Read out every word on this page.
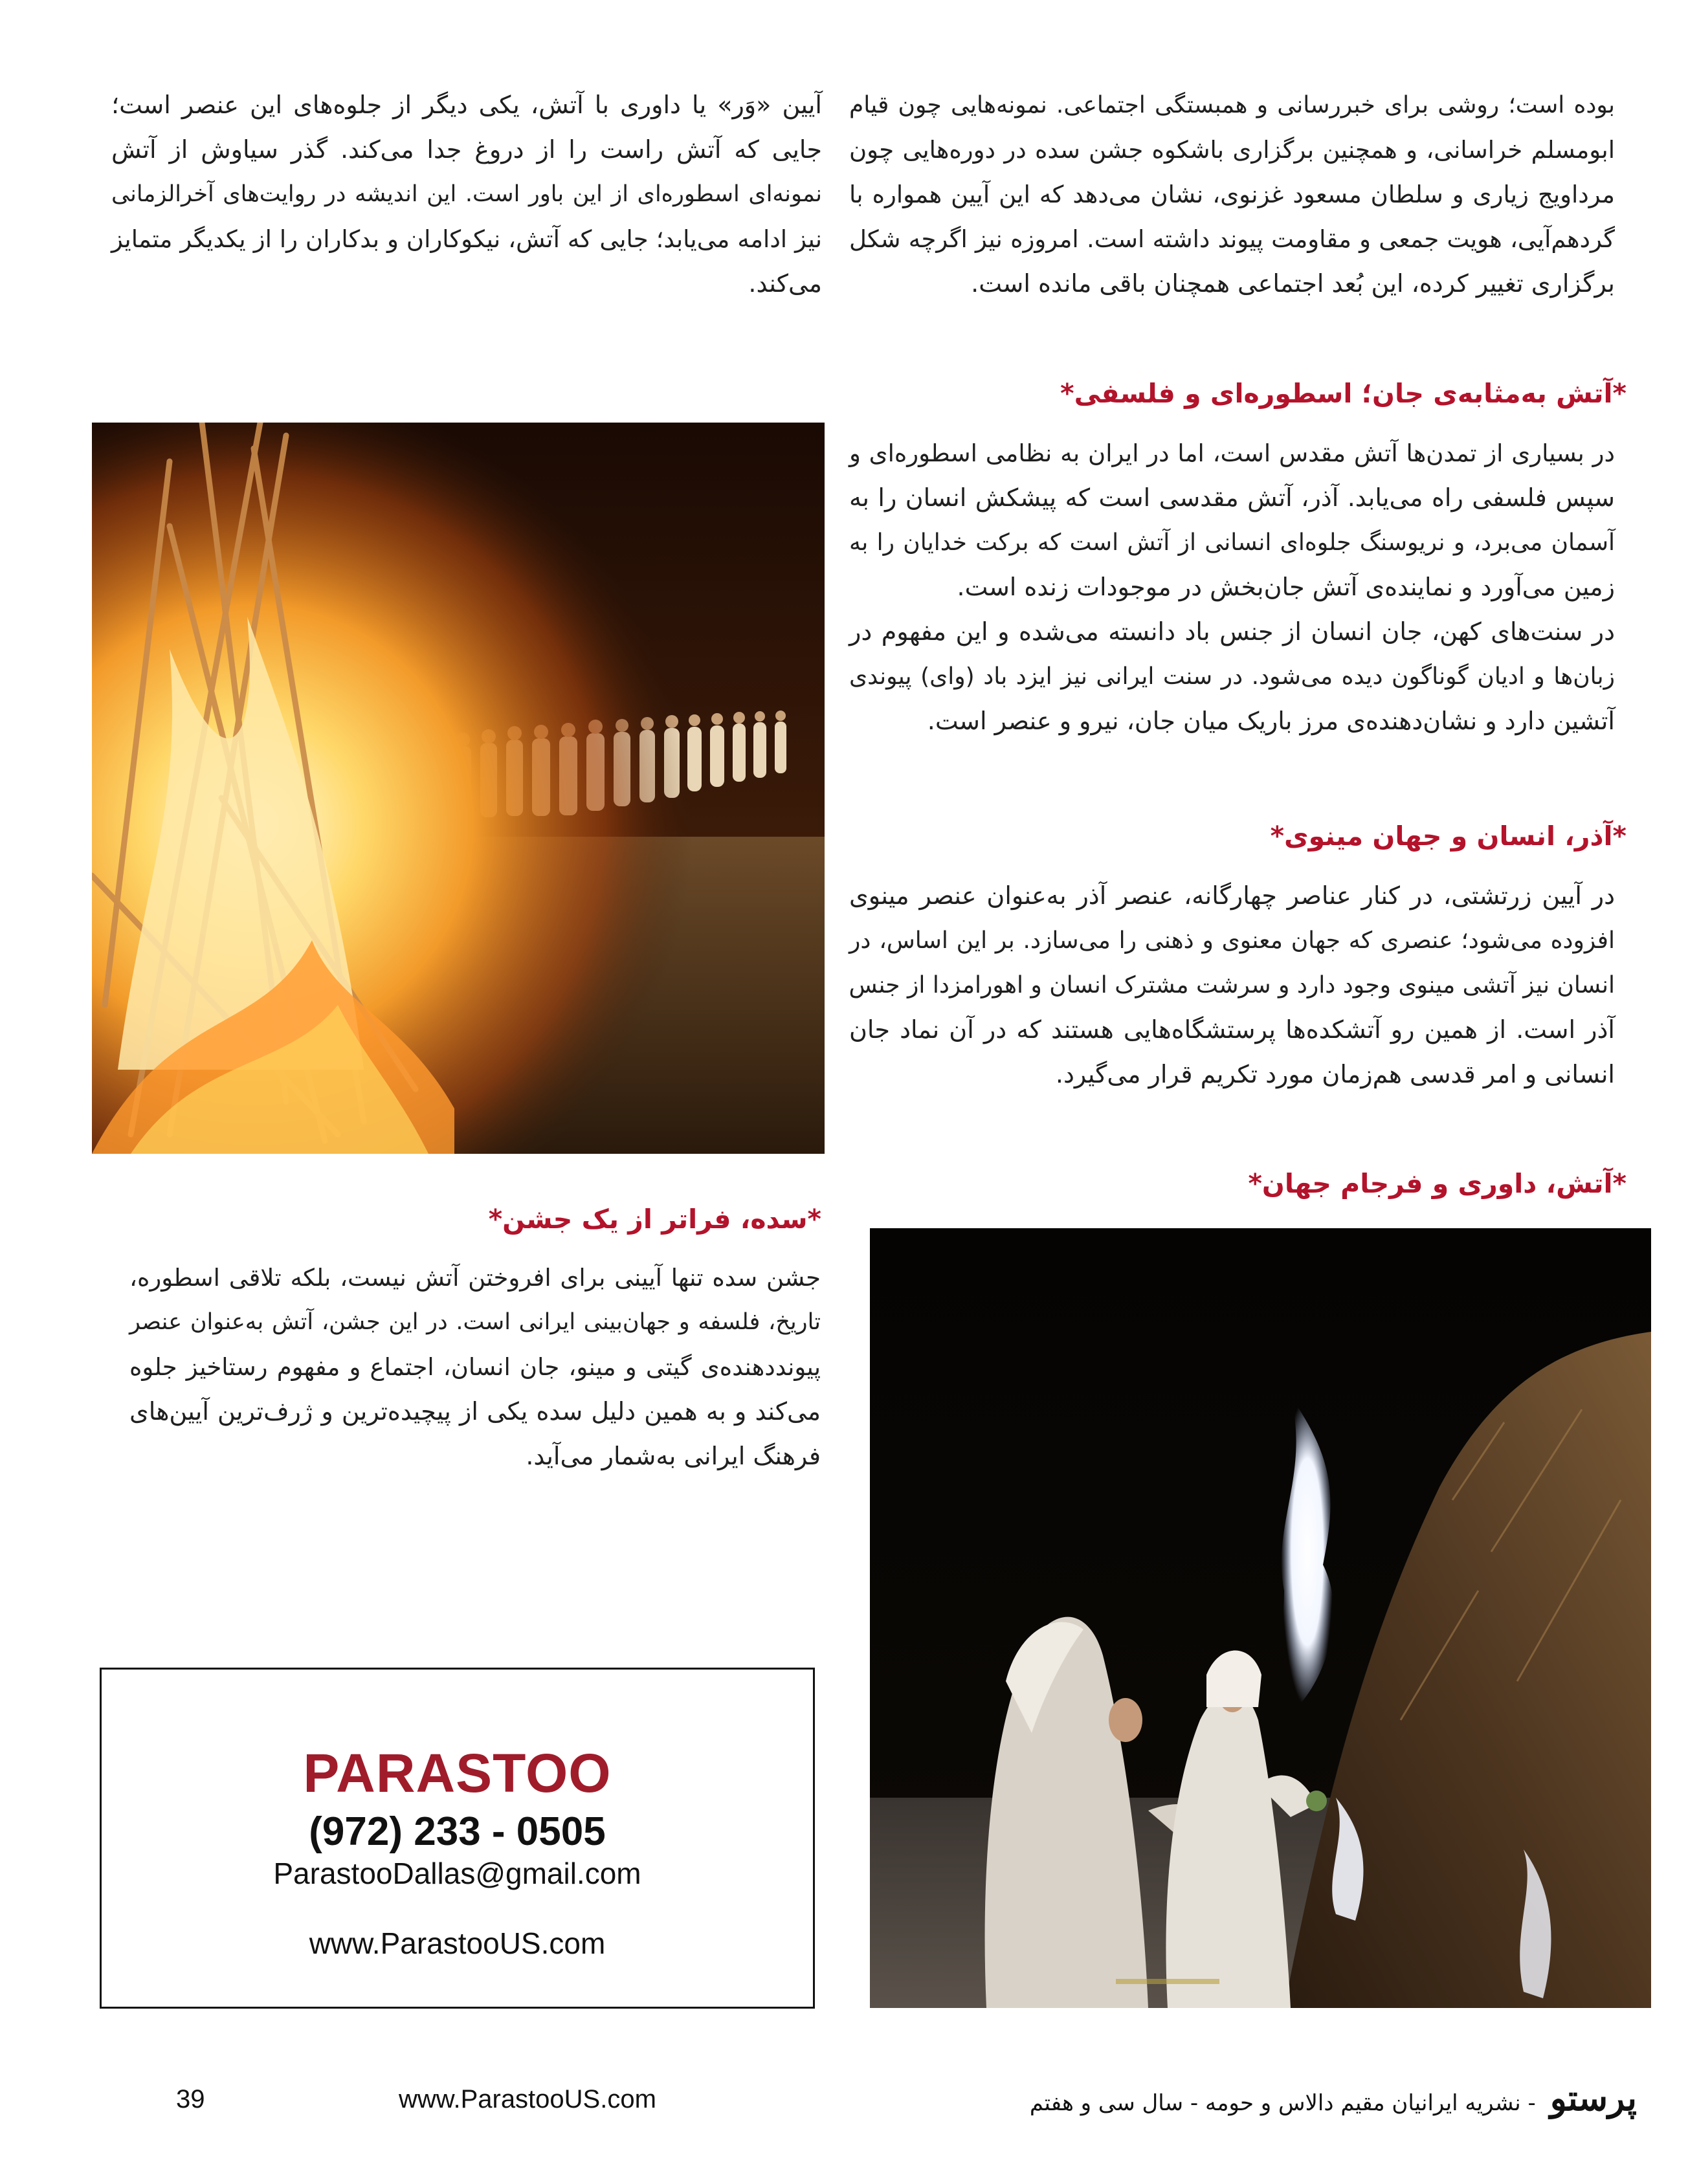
بوده است؛ روشی برای خبررسانی و همبستگی اجتماعی. نمونه‌هایی چون قیام
ابومسلم خراسانی، و همچنین برگزاری باشکوه جشن سده در دوره‌هایی چون
مرداویج زیاری و سلطان مسعود غزنوی، نشان می‌دهد که این آیین همواره با
گردهم‌آیی، هویت جمعی و مقاومت پیوند داشته است. امروزه نیز اگرچه شکل
برگزاری تغییر کرده، این بُعد اجتماعی همچنان باقی مانده است.
آیین «وَر» یا داوری با آتش، یکی دیگر از جلوه‌های این عنصر است؛
جایی که آتش راست را از دروغ جدا می‌کند. گذر سیاوش از آتش
نمونه‌ای اسطوره‌ای از این باور است. این اندیشه در روایت‌های آخرالزمانی
نیز ادامه می‌یابد؛ جایی که آتش، نیکوکاران و بدکاران را از یکدیگر متمایز
می‌کند.
*آتش به‌مثابه‌ی جان؛ اسطوره‌ای و فلسفی*
در بسیاری از تمدن‌ها آتش مقدس است، اما در ایران به نظامی اسطوره‌ای و
سپس فلسفی راه می‌یابد. آذر، آتش مقدسی است که پیشکش انسان را به
آسمان می‌برد، و نریوسنگ جلوه‌ای انسانی از آتش است که برکت خدایان را به
زمین می‌آورد و نماینده‌ی آتش جان‌بخش در موجودات زنده است.
در سنت‌های کهن، جان انسان از جنس باد دانسته می‌شده و این مفهوم در
زبان‌ها و ادیان گوناگون دیده می‌شود. در سنت ایرانی نیز ایزد باد (وای) پیوندی
آتشین دارد و نشان‌دهنده‌ی مرز باریک میان جان، نیرو و عنصر است.
*آذر، انسان و جهان مینوی*
در آیین زرتشتی، در کنار عناصر چهارگانه، عنصر آذر به‌عنوان عنصر مینوی
افزوده می‌شود؛ عنصری که جهان معنوی و ذهنی را می‌سازد. بر این اساس، در
انسان نیز آتشی مینوی وجود دارد و سرشت مشترک انسان و اهورامزدا از جنس
آذر است. از همین رو آتشکده‌ها پرستشگاه‌هایی هستند که در آن نماد جان
انسانی و امر قدسی هم‌زمان مورد تکریم قرار می‌گیرد.
*آتش، داوری و فرجام جهان*
*سده، فراتر از یک جشن*
جشن سده تنها آیینی برای افروختن آتش نیست، بلکه تلاقی اسطوره،
تاریخ، فلسفه و جهان‌بینی ایرانی است. در این جشن، آتش به‌عنوان عنصر
پیونددهنده‌ی گیتی و مینو، جان انسان، اجتماع و مفهوم رستاخیز جلوه
می‌کند و به همین دلیل سده یکی از پیچیده‌ترین و ژرف‌ترین آیین‌های
فرهنگ ایرانی به‌شمار می‌آید.
PARASTOO
(972) 233 - 0505
ParastooDallas@gmail.com
www.ParastooUS.com
39	www.ParastooUS.com	پرستو
- نشریه ایرانیان مقیم دالاس و حومه - سال سی و هفتم
